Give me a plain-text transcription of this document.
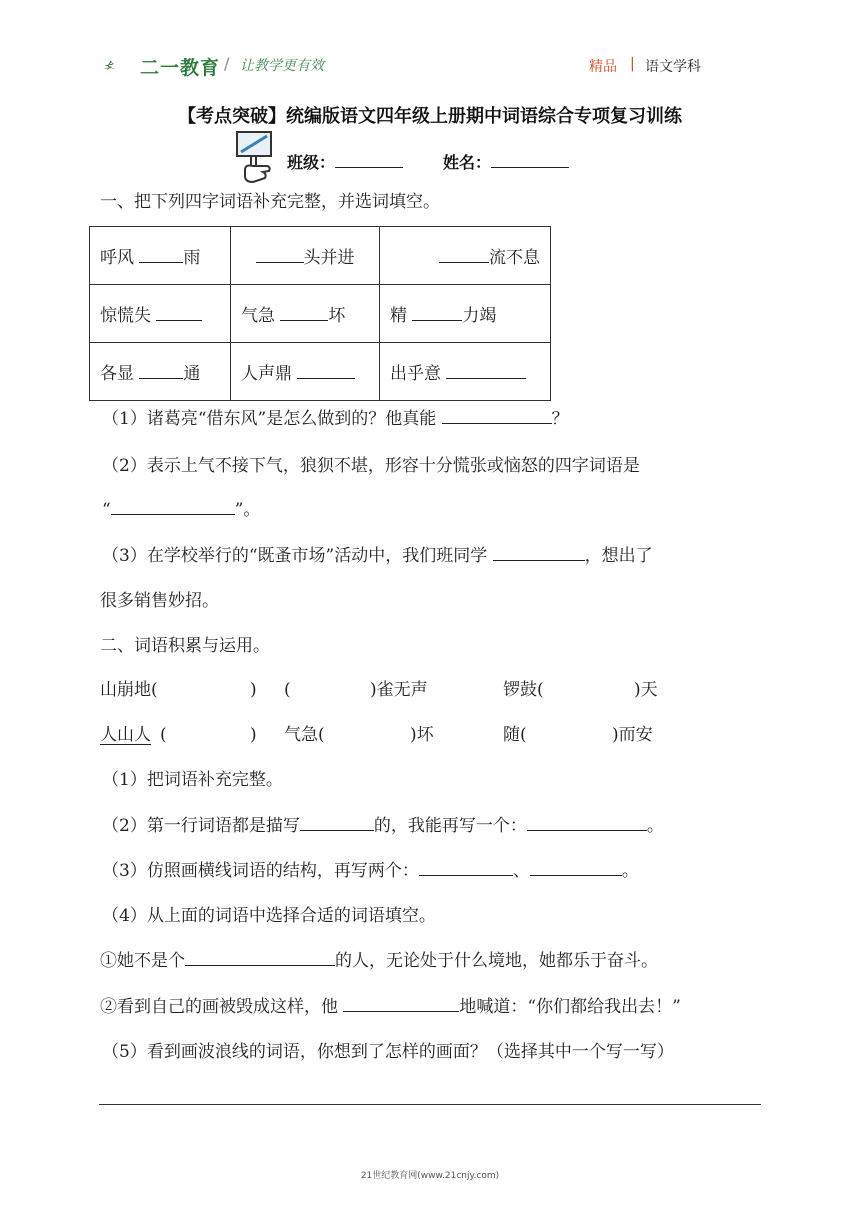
二一教育 / 让教学更有效	精品 | 语文学科
【考点突破】统编版语文四年级上册期中词语综合专项复习训练
班级：	姓名：
一、把下列四字词语补充完整，并选词填空。
呼风 雨	头并进	流不息
惊慌失	气急 坏	精 力竭
各显 通	人声鼎	出乎意
（1）诸葛亮“借东风”是怎么做到的？他真能	？
（2）表示上气不接下气，狼狈不堪，形容十分慌张或恼怒的四字词语是
“	”。
（3）在学校举行的“既蚤市场”活动中，我们班同学	，想出了
很多销售妙招。
二、词语积累与运用。
山崩地(	) (	)雀无声	锣鼓(	)天
人山人 (	) 气急(	)坏	随(	)而安
（1）把词语补充完整。
（2）第一行词语都是描写	的，我能再写一个：	。
（3）仿照画横线词语的结构，再写两个：	、	。
（4）从上面的词语中选择合适的词语填空。
①她不是个	的人，无论处于什么境地，她都乐于奋斗。
②看到自己的画被毁成这样，他	地喊道：“你们都给我出去！”
（5）看到画波浪线的词语，你想到了怎样的画面？（选择其中一个写一写）
21世纪教育网(www.21cnjy.com)
